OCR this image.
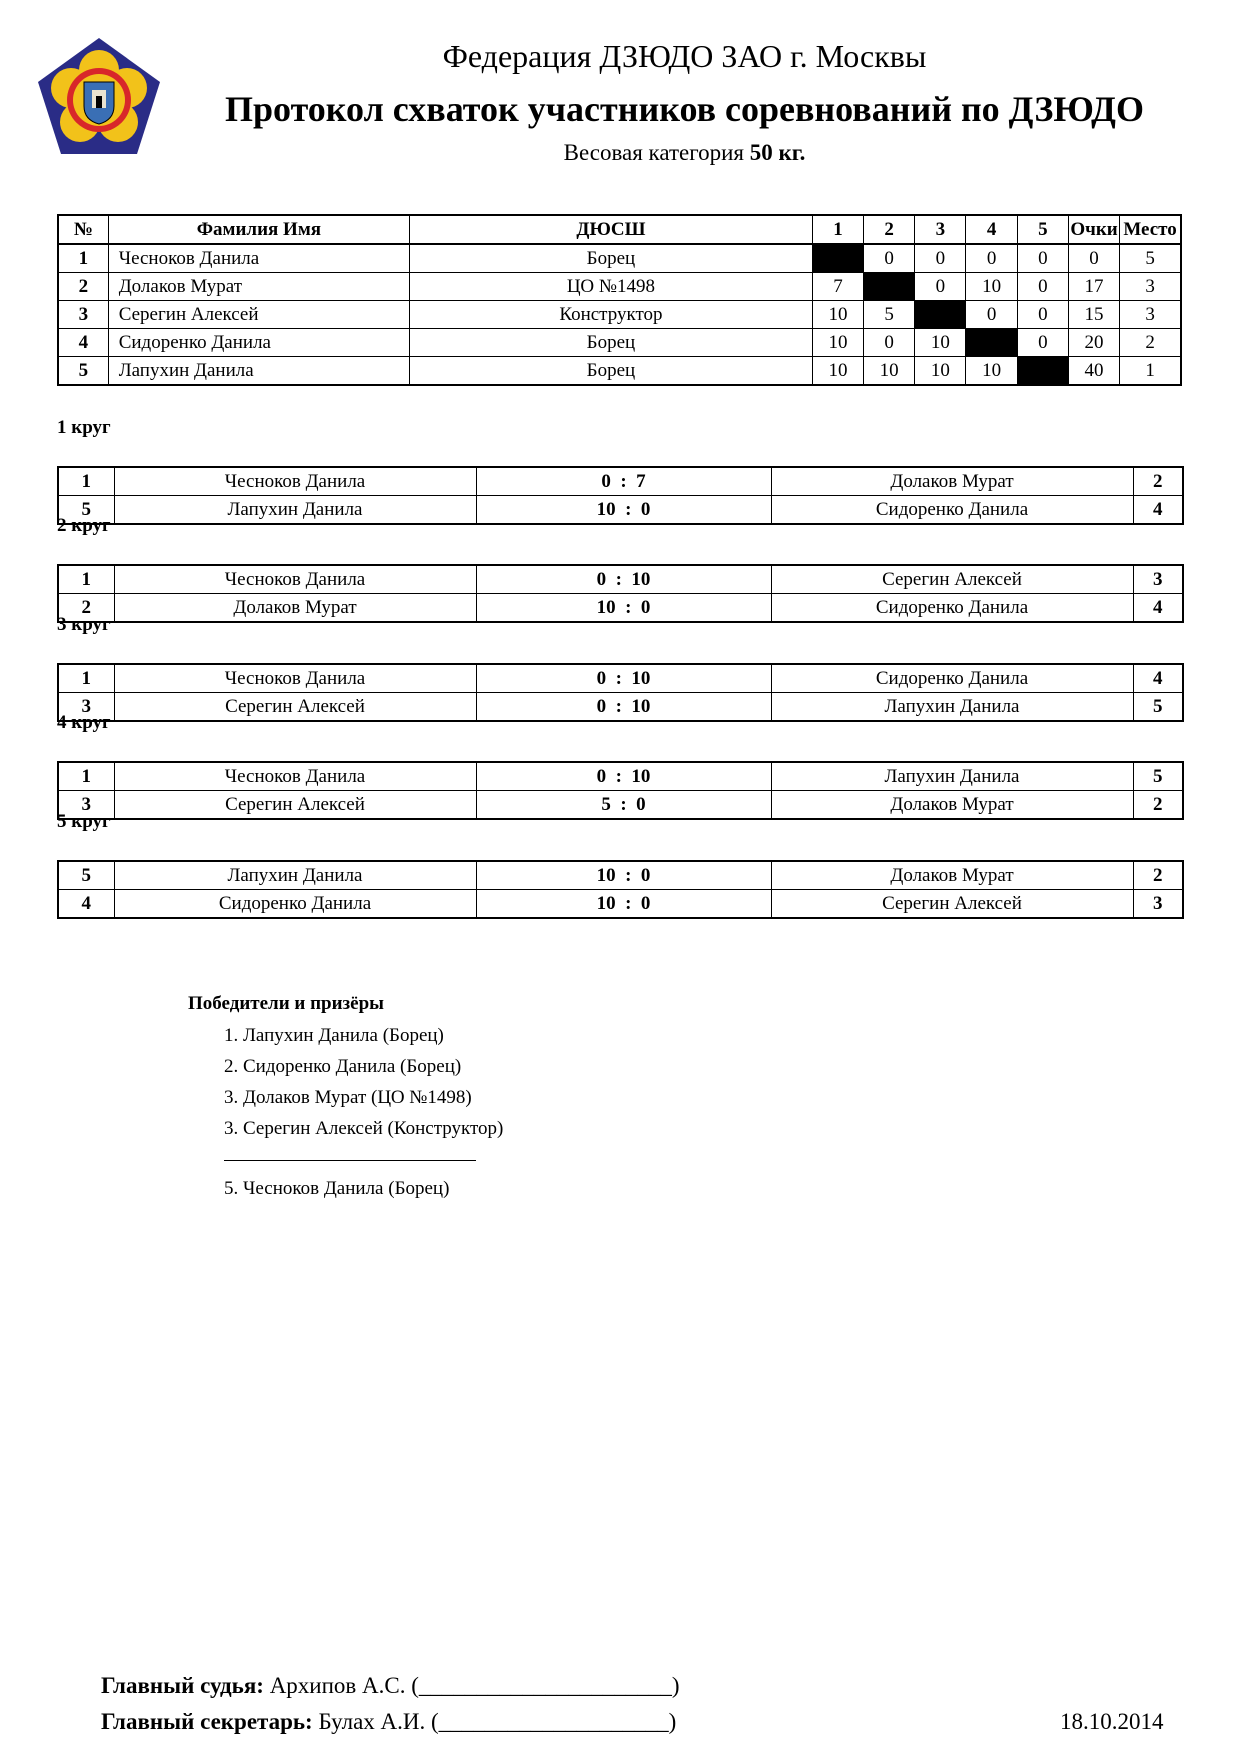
Федерация ДЗЮДО ЗАО г. Москвы
Протокол схваток участников соревнований по ДЗЮДО
Весовая категория 50 кг.
№	Фамилия Имя	ДЮСШ	1	2	3	4	5	Очки	Место
1	Чесноков Данила	Борец		0	0	0	0	0	5
2	Долаков Мурат	ЦО №1498	7		0	10	0	17	3
3	Серегин Алексей	Конструктор	10	5		0	0	15	3
4	Сидоренко Данила	Борец	10	0	10		0	20	2
5	Лапухин Данила	Борец	10	10	10	10		40	1
1 круг
1	Чесноков Данила	0  :  7	Долаков Мурат	2
5	Лапухин Данила	10  :  0	Сидоренко Данила	4
2 круг
1	Чесноков Данила	0  :  10	Серегин Алексей	3
2	Долаков Мурат	10  :  0	Сидоренко Данила	4
3 круг
1	Чесноков Данила	0  :  10	Сидоренко Данила	4
3	Серегин Алексей	0  :  10	Лапухин Данила	5
4 круг
1	Чесноков Данила	0  :  10	Лапухин Данила	5
3	Серегин Алексей	5  :  0	Долаков Мурат	2
5 круг
5	Лапухин Данила	10  :  0	Долаков Мурат	2
4	Сидоренко Данила	10  :  0	Серегин Алексей	3
Победители и призёры
1. Лапухин Данила (Борец)
2. Сидоренко Данила (Борец)
3. Долаков Мурат (ЦО №1498)
3. Серегин Алексей (Конструктор)
5. Чесноков Данила (Борец)
Главный судья: Архипов А.С. (______________________)
Главный секретарь: Булах А.И. (____________________)	18.10.2014
